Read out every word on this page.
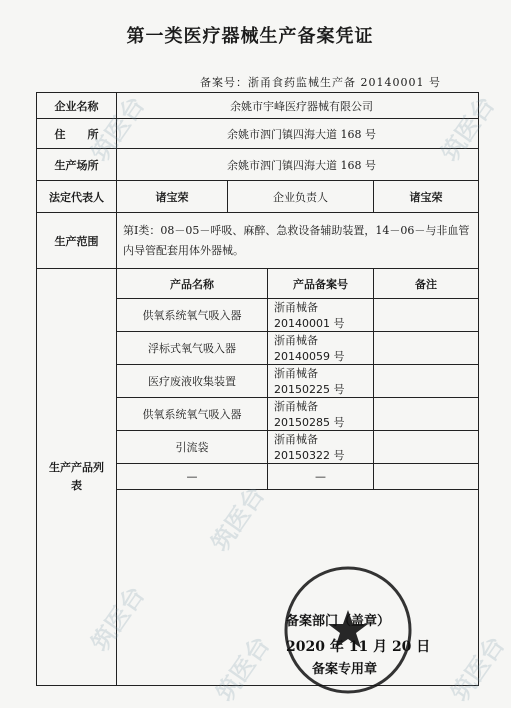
第一类医疗器械生产备案凭证
备案号：浙甬食药监械生产备 20140001 号
企业名称	余姚市宇峰医疗器械有限公司			
住　　所	余姚市泗门镇四海大道 168 号			
生产场所	余姚市泗门镇四海大道 168 号			
法定代表人	诸宝荣	企业负责人		诸宝荣
生产范围	第Ⅰ类：08－05－呼吸、麻醉、急救设备辅助装置，14－06－与非血管内导管配套用体外器械。			
生产产品列表	产品名称		产品备案号	备注
	供氧系统氧气吸入器		浙甬械备 20140001 号	
	浮标式氧气吸入器		浙甬械备 20140059 号	
	医疗废液收集装置		浙甬械备 20150225 号	
	供氧系统氧气吸入器		浙甬械备 20150285 号	
	引流袋		浙甬械备 20150322 号	
	—		—	

备案部门（盖章）
2020 年 11 月 20 日
备案专用章
筑医台
筑医台
筑医台
筑医台
筑医台	筑医台
